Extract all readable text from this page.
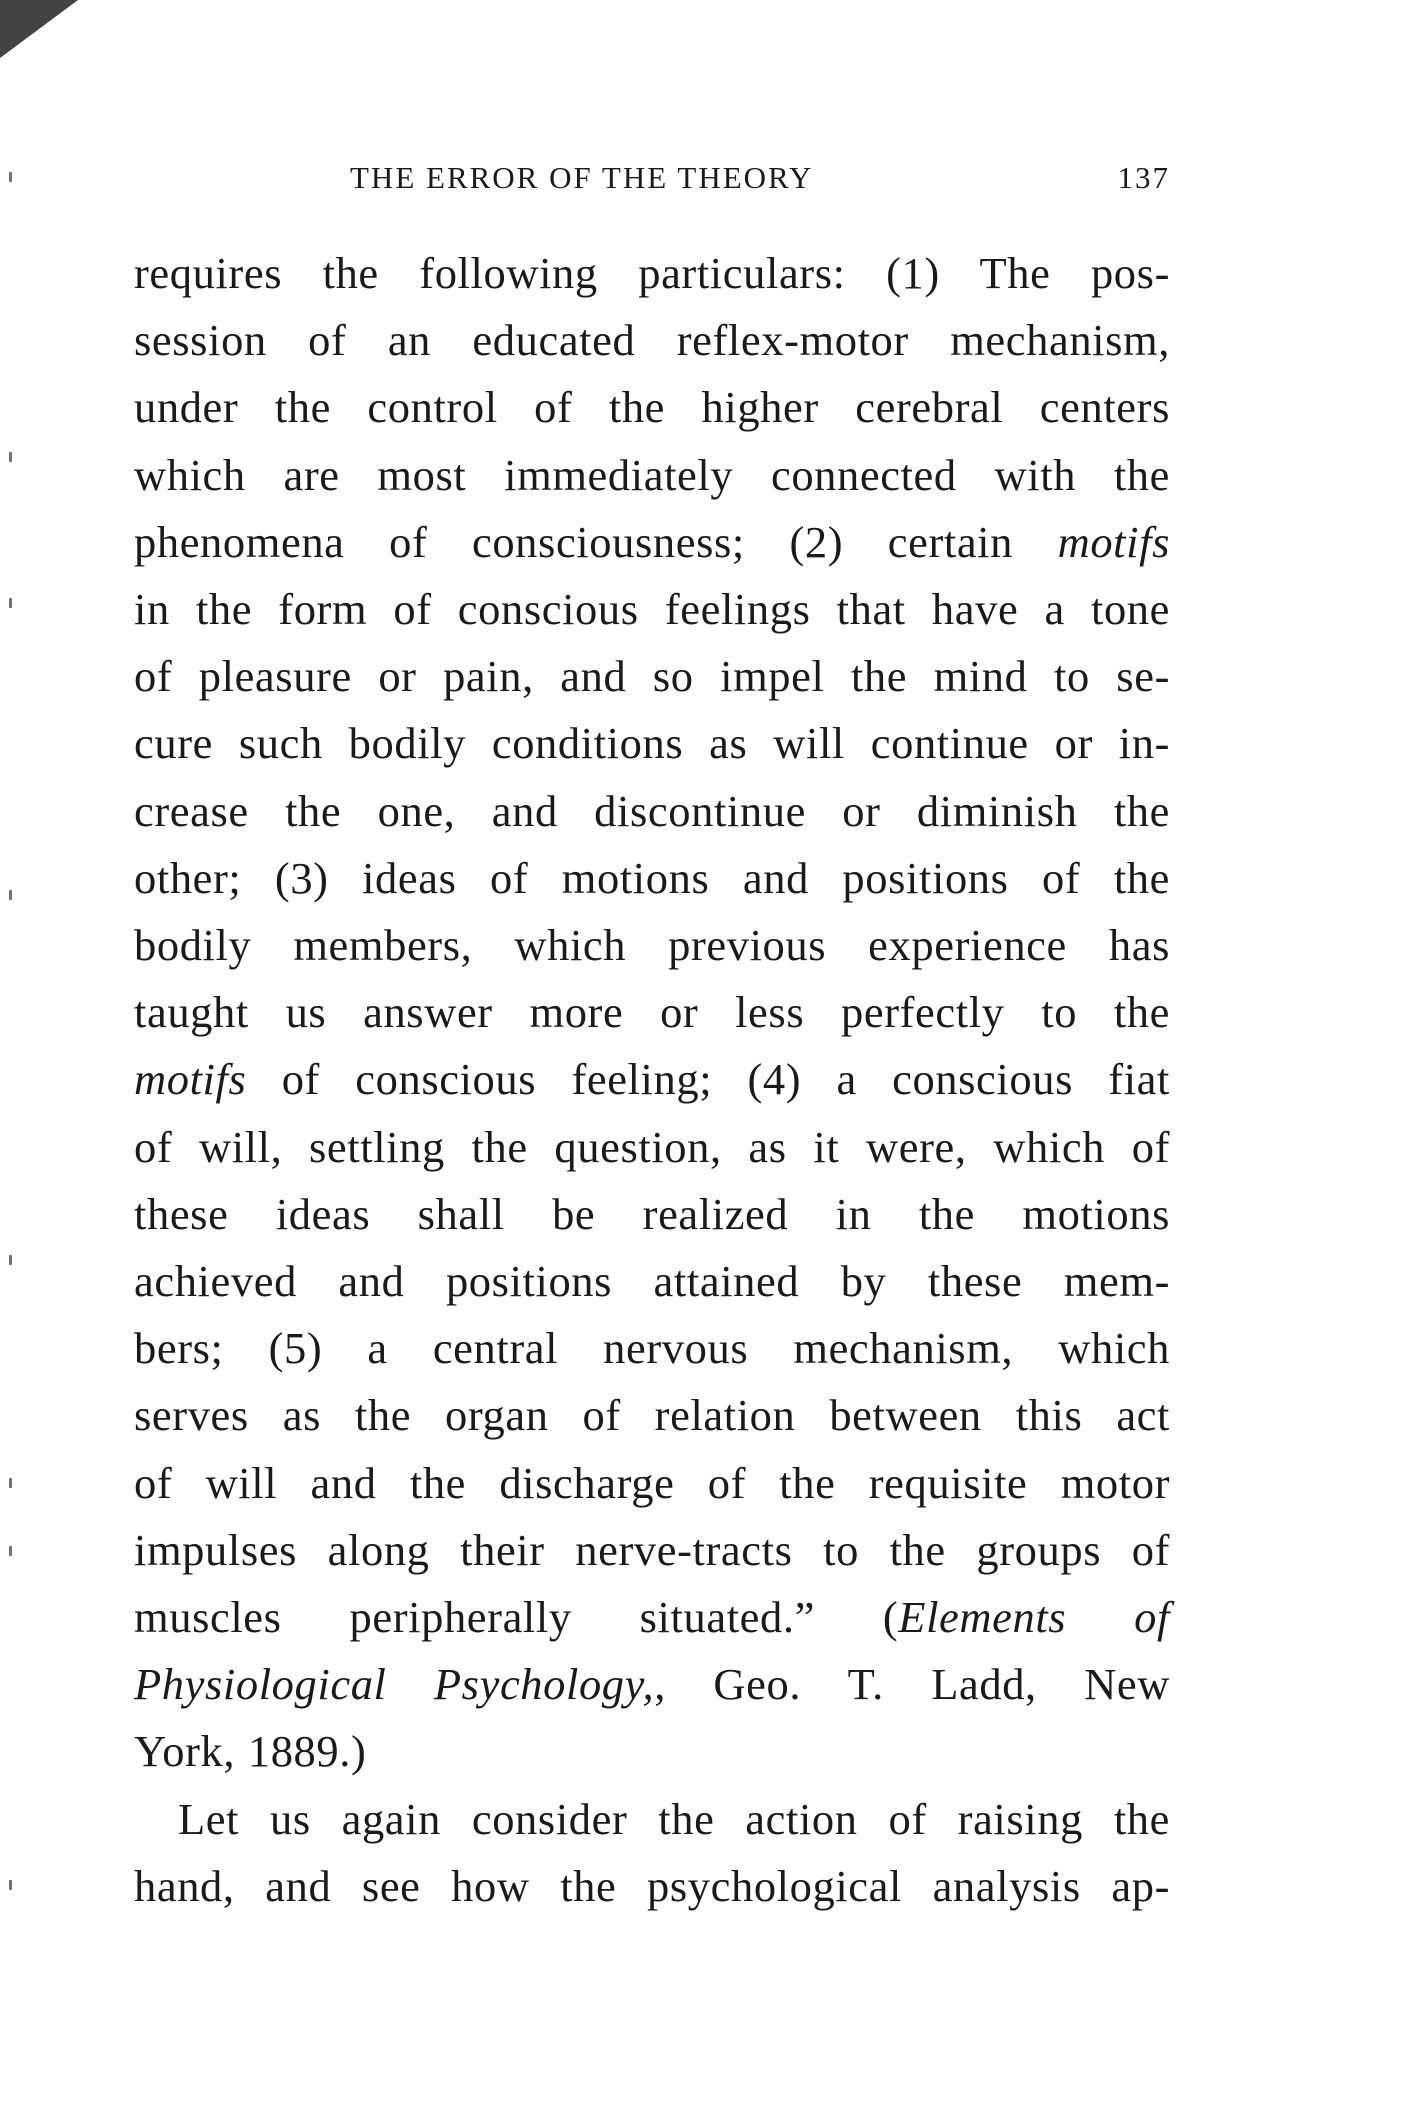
THE ERROR OF THE THEORY	137
requires the following particulars: (1) The pos-
session of an educated reflex-motor mechanism,
under the control of the higher cerebral centers
which are most immediately connected with the
phenomena of consciousness; (2) certain motifs
in the form of conscious feelings that have a tone
of pleasure or pain, and so impel the mind to se-
cure such bodily conditions as will continue or in-
crease the one, and discontinue or diminish the
other; (3) ideas of motions and positions of the
bodily members, which previous experience has
taught us answer more or less perfectly to the
motifs of conscious feeling; (4) a conscious fiat
of will, settling the question, as it were, which of
these ideas shall be realized in the motions
achieved and positions attained by these mem-
bers; (5) a central nervous mechanism, which
serves as the organ of relation between this act
of will and the discharge of the requisite motor
impulses along their nerve-tracts to the groups of
muscles peripherally situated.” (Elements of
Physiological Psychology,, Geo. T. Ladd, New
York, 1889.)
Let us again consider the action of raising the
hand, and see how the psychological analysis ap-
